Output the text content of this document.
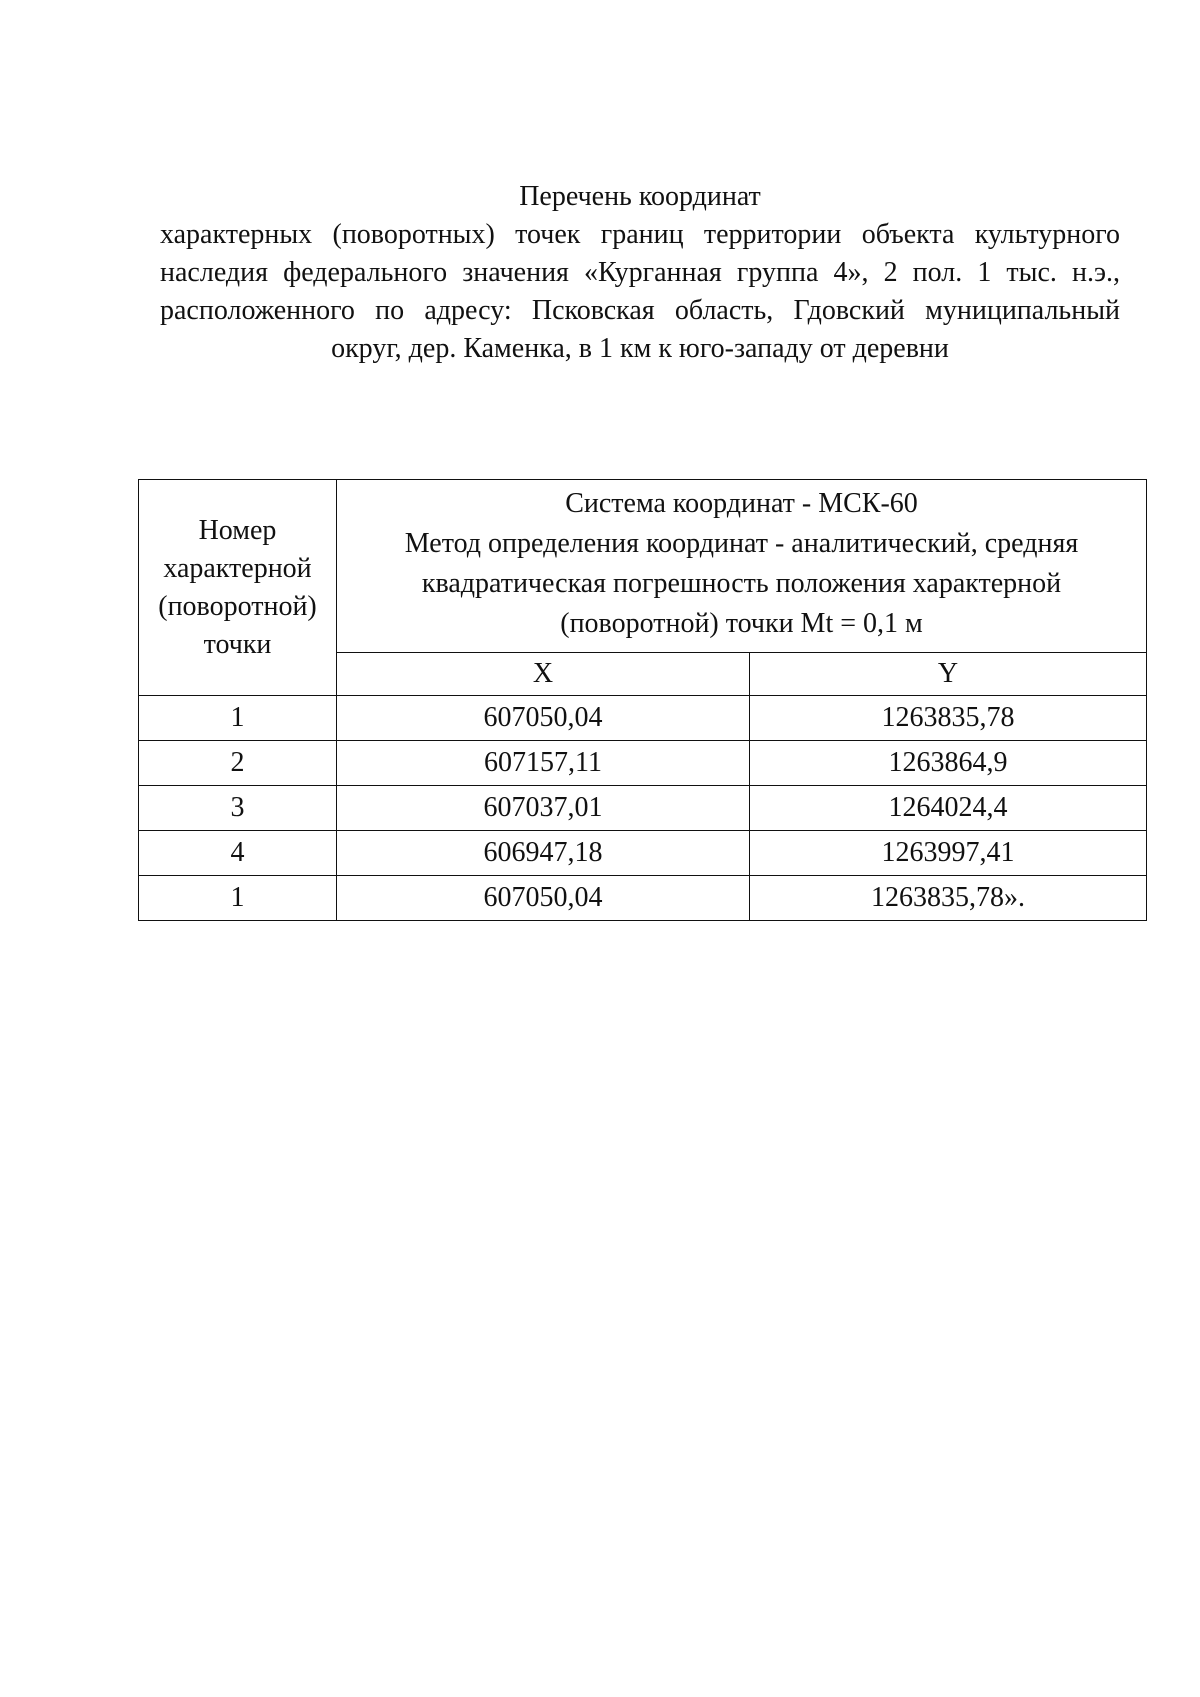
Перечень координат
характерных (поворотных) точек границ территории объекта культурного
наследия федерального значения «Курганная группа 4», 2 пол. 1 тыс. н.э.,
расположенного по адресу: Псковская область, Гдовский муниципальный
округ, дер. Каменка, в 1 км к юго-западу от деревни
Номер
характерной
(поворотной)
точки	Система координат - МСК-60
Метод определения координат - аналитический, средняя
квадратическая погрешность положения характерной
(поворотной) точки Mt = 0,1 м	

	X	Y
1	607050,04	1263835,78
2	607157,11	1263864,9
3	607037,01	1264024,4
4	606947,18	1263997,41
1	607050,04	1263835,78».
